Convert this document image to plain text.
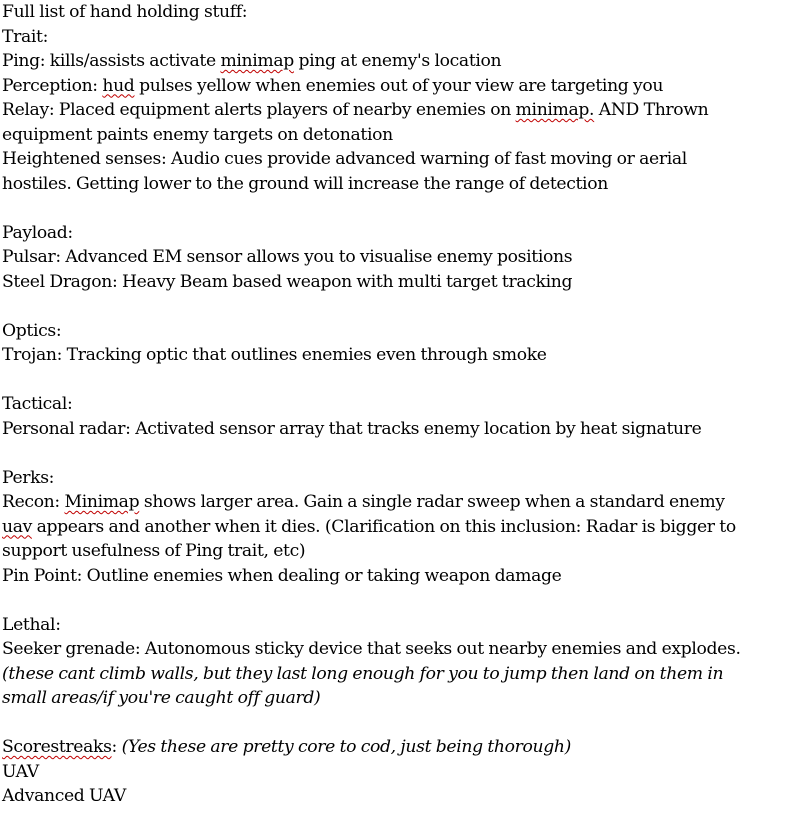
Full list of hand holding stuff:
Trait:
Ping: kills/assists activate minimap ping at enemy's location
Perception: hud pulses yellow when enemies out of your view are targeting you
Relay: Placed equipment alerts players of nearby enemies on minimap. AND Thrown
equipment paints enemy targets on detonation
Heightened senses: Audio cues provide advanced warning of fast moving or aerial
hostiles. Getting lower to the ground will increase the range of detection
Payload:
Pulsar: Advanced EM sensor allows you to visualise enemy positions
Steel Dragon: Heavy Beam based weapon with multi target tracking
Optics:
Trojan: Tracking optic that outlines enemies even through smoke
Tactical:
Personal radar: Activated sensor array that tracks enemy location by heat signature
Perks:
Recon: Minimap shows larger area. Gain a single radar sweep when a standard enemy
uav appears and another when it dies. (Clarification on this inclusion: Radar is bigger to
support usefulness of Ping trait, etc)
Pin Point: Outline enemies when dealing or taking weapon damage
Lethal:
Seeker grenade: Autonomous sticky device that seeks out nearby enemies and explodes.
(these cant climb walls, but they last long enough for you to jump then land on them in
small areas/if you're caught off guard)
Scorestreaks: (Yes these are pretty core to cod, just being thorough)
UAV
Advanced UAV
